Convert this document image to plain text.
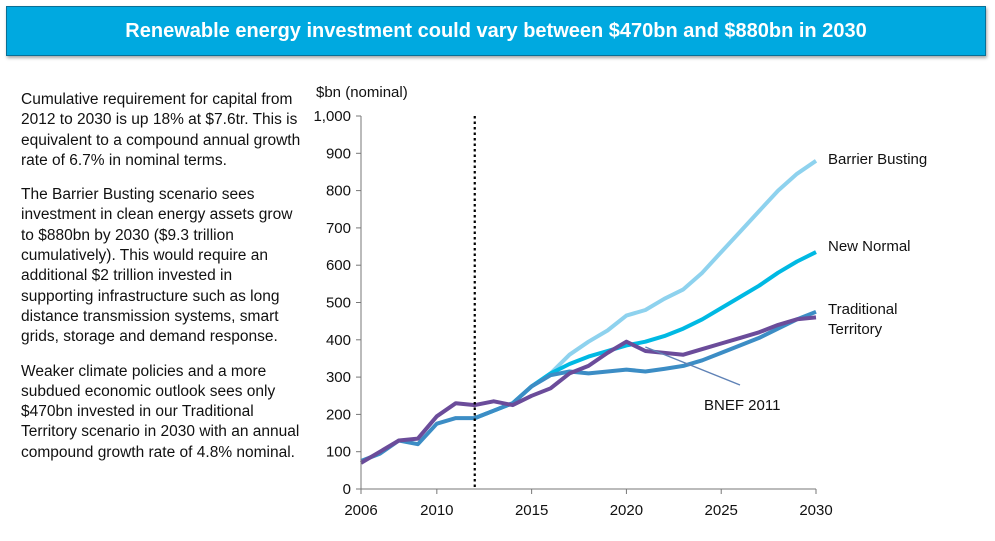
Renewable energy investment could vary between $470bn and $880bn in 2030

Cumulative requirement for capital from 2012 to 2030 is up 18% at $7.6tr. This is equivalent to a compound annual growth rate of 6.7% in nominal terms.

The Barrier Busting scenario sees investment in clean energy assets grow to $880bn by 2030 ($9.3 trillion cumulatively). This would require an additional $2 trillion invested in supporting infrastructure such as long distance transmission systems, smart grids, storage and demand response.

Weaker climate policies and a more subdued economic outlook sees only $470bn invested in our Traditional Territory scenario in 2030 with an annual compound growth rate of 4.8% nominal.

$bn (nominal)
0
100
200
300
400
500
600
700
800
900
1,000
2006	2010	2015	2020	2025	2030
Barrier Busting
New Normal
Traditional
Territory
BNEF 2011
